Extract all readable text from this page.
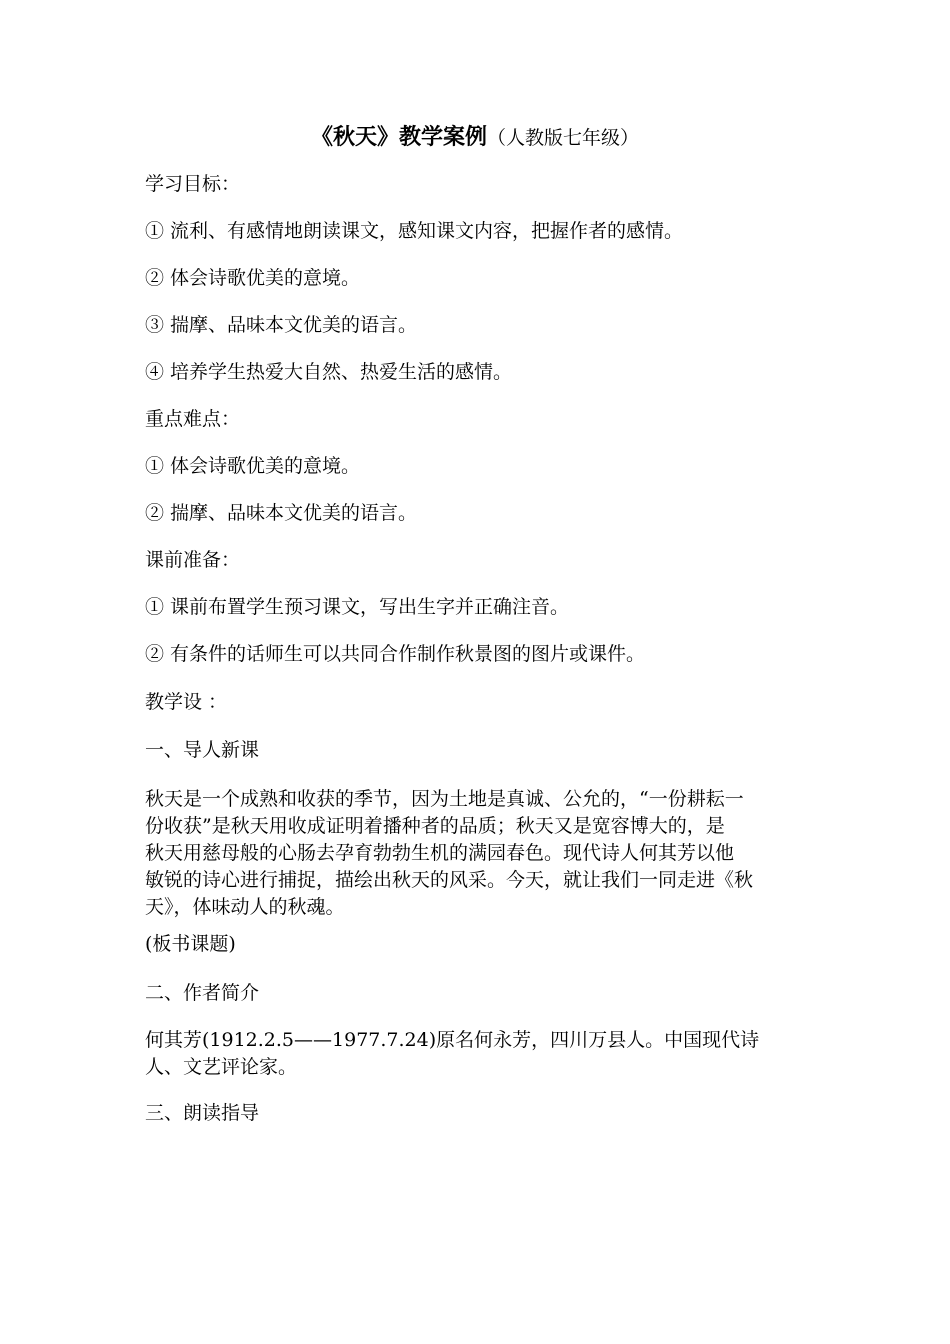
《秋天》教学案例（人教版七年级）
学习目标：
① 流利、有感情地朗读课文，感知课文内容，把握作者的感情。
② 体会诗歌优美的意境。
③ 揣摩、品味本文优美的语言。
④ 培养学生热爱大自然、热爱生活的感情。
重点难点：
① 体会诗歌优美的意境。
② 揣摩、品味本文优美的语言。
课前准备：
① 课前布置学生预习课文，写出生字并正确注音。
② 有条件的话师生可以共同合作制作秋景图的图片或课件。
教学设 ：
一、导人新课
秋天是一个成熟和收获的季节，因为土地是真诚、公允的，“一份耕耘一
份收获”是秋天用收成证明着播种者的品质；秋天又是宽容博大的，是
秋天用慈母般的心肠去孕育勃勃生机的满园春色。现代诗人何其芳以他
敏锐的诗心进行捕捉，描绘出秋天的风采。今天，就让我们一同走进《秋
天》，体味动人的秋魂。
(板书课题)
二、作者简介
何其芳(1912.2.5——1977.7.24)原名何永芳，四川万县人。中国现代诗
人、文艺评论家。
三、朗读指导
